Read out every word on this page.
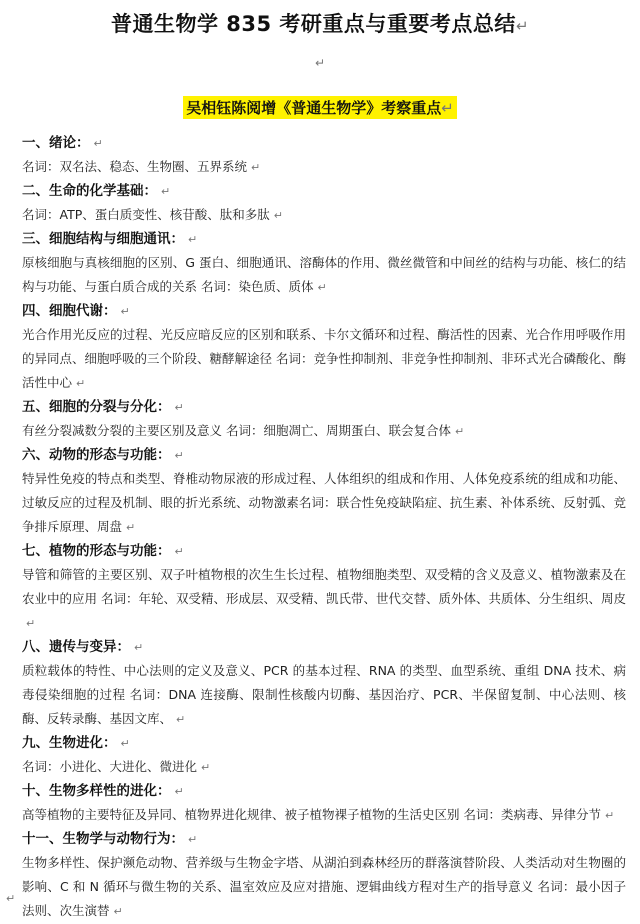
普通生物学 835 考研重点与重要考点总结↵
↵
吴相钰陈阅增《普通生物学》考察重点↵
一、绪论： ↵
名词：双名法、稳态、生物圈、五界系统 ↵
二、生命的化学基础： ↵
名词：ATP、蛋白质变性、核苷酸、肽和多肽 ↵
三、细胞结构与细胞通讯： ↵
原核细胞与真核细胞的区别、G 蛋白、细胞通讯、溶酶体的作用、微丝微管和中间丝的结构与功能、核仁的结构与功能、与蛋白质合成的关系 名词：染色质、质体 ↵
四、细胞代谢： ↵
光合作用光反应的过程、光反应暗反应的区别和联系、卡尔文循环和过程、酶活性的因素、光合作用呼吸作用的异同点、细胞呼吸的三个阶段、糖酵解途径 名词：竞争性抑制剂、非竞争性抑制剂、非环式光合磷酸化、酶活性中心 ↵
五、细胞的分裂与分化： ↵
有丝分裂减数分裂的主要区别及意义 名词：细胞凋亡、周期蛋白、联会复合体 ↵
六、动物的形态与功能： ↵
特异性免疫的特点和类型、脊椎动物尿液的形成过程、人体组织的组成和作用、人体免疫系统的组成和功能、过敏反应的过程及机制、眼的折光系统、动物激素名词：联合性免疫缺陷症、抗生素、补体系统、反射弧、竞争排斥原理、周盘 ↵
七、植物的形态与功能： ↵
导管和筛管的主要区别、双子叶植物根的次生生长过程、植物细胞类型、双受精的含义及意义、植物激素及在农业中的应用 名词：年轮、双受精、形成层、双受精、凯氏带、世代交替、质外体、共质体、分生组织、周皮↵
八、遗传与变异： ↵
质粒载体的特性、中心法则的定义及意义、PCR 的基本过程、RNA 的类型、血型系统、重组 DNA 技术、病毒侵染细胞的过程 名词：DNA 连接酶、限制性核酸内切酶、基因治疗、PCR、半保留复制、中心法则、核酶、反转录酶、基因文库、 ↵
九、生物进化： ↵
名词：小进化、大进化、微进化 ↵
十、生物多样性的进化： ↵
高等植物的主要特征及异同、植物界进化规律、被子植物裸子植物的生活史区别 名词：类病毒、异律分节 ↵
十一、生物学与动物行为： ↵
生物多样性、保护濒危动物、营养级与生物金字塔、从湖泊到森林经历的群落演替阶段、人类活动对生物圈的影响、C 和 N 循环与微生物的关系、温室效应及应对措施、逻辑曲线方程对生产的指导意义 名词：最小因子法则、次生演替 ↵
↵
